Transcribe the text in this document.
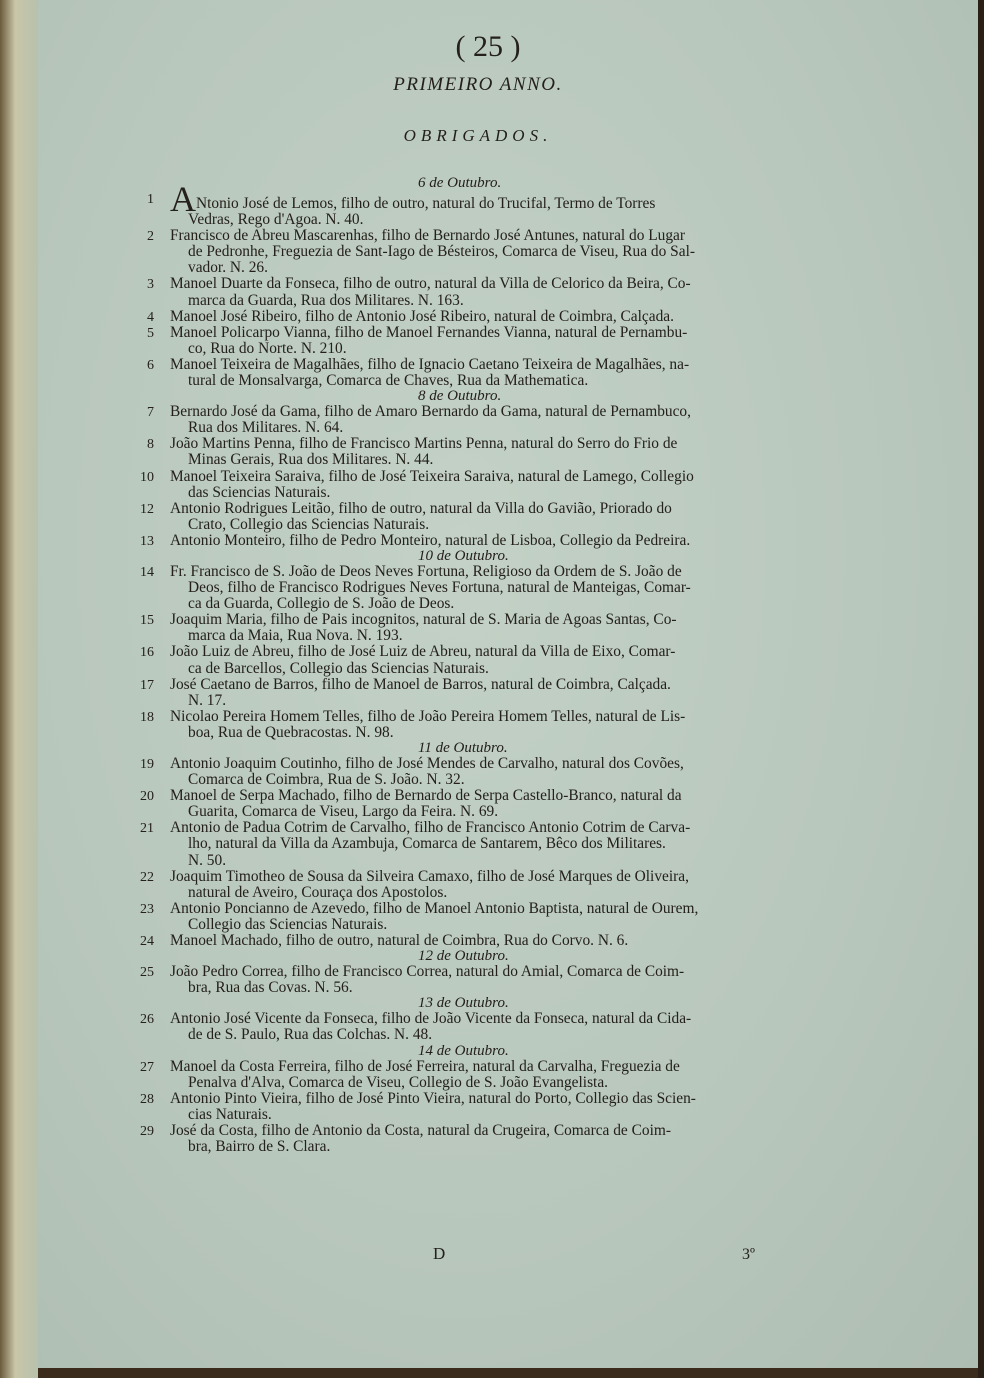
( 25 )
PRIMEIRO ANNO.
OBRIGADOS.
6 de Outubro.
1 ANtonio José de Lemos, filho de outro, natural do Trucifal, Termo de Torres
Vedras, Rego d'Agoa. N. 40.
2 Francisco de Abreu Mascarenhas, filho de Bernardo José Antunes, natural do Lugar
de Pedronhe, Freguezia de Sant-Iago de Bésteiros, Comarca de Viseu, Rua do Sal-
vador. N. 26.
3 Manoel Duarte da Fonseca, filho de outro, natural da Villa de Celorico da Beira, Co-
marca da Guarda, Rua dos Militares. N. 163.
4 Manoel José Ribeiro, filho de Antonio José Ribeiro, natural de Coimbra, Calçada.
5 Manoel Policarpo Vianna, filho de Manoel Fernandes Vianna, natural de Pernambu-
co, Rua do Norte. N. 210.
6 Manoel Teixeira de Magalhães, filho de Ignacio Caetano Teixeira de Magalhães, na-
tural de Monsalvarga, Comarca de Chaves, Rua da Mathematica.
8 de Outubro.
7 Bernardo José da Gama, filho de Amaro Bernardo da Gama, natural de Pernambuco,
Rua dos Militares. N. 64.
8 João Martins Penna, filho de Francisco Martins Penna, natural do Serro do Frio de
Minas Gerais, Rua dos Militares. N. 44.
10 Manoel Teixeira Saraiva, filho de José Teixeira Saraiva, natural de Lamego, Collegio
das Sciencias Naturais.
12 Antonio Rodrigues Leitão, filho de outro, natural da Villa do Gavião, Priorado do
Crato, Collegio das Sciencias Naturais.
13 Antonio Monteiro, filho de Pedro Monteiro, natural de Lisboa, Collegio da Pedreira.
10 de Outubro.
14 Fr. Francisco de S. João de Deos Neves Fortuna, Religioso da Ordem de S. João de
Deos, filho de Francisco Rodrigues Neves Fortuna, natural de Manteigas, Comar-
ca da Guarda, Collegio de S. João de Deos.
15 Joaquim Maria, filho de Pais incognitos, natural de S. Maria de Agoas Santas, Co-
marca da Maia, Rua Nova. N. 193.
16 João Luiz de Abreu, filho de José Luiz de Abreu, natural da Villa de Eixo, Comar-
ca de Barcellos, Collegio das Sciencias Naturais.
17 José Caetano de Barros, filho de Manoel de Barros, natural de Coimbra, Calçada.
N. 17.
18 Nicolao Pereira Homem Telles, filho de João Pereira Homem Telles, natural de Lis-
boa, Rua de Quebracostas. N. 98.
11 de Outubro.
19 Antonio Joaquim Coutinho, filho de José Mendes de Carvalho, natural dos Covões,
Comarca de Coimbra, Rua de S. João. N. 32.
20 Manoel de Serpa Machado, filho de Bernardo de Serpa Castello-Branco, natural da
Guarita, Comarca de Viseu, Largo da Feira. N. 69.
21 Antonio de Padua Cotrim de Carvalho, filho de Francisco Antonio Cotrim de Carva-
lho, natural da Villa da Azambuja, Comarca de Santarem, Bêco dos Militares.
N. 50.
22 Joaquim Timotheo de Sousa da Silveira Camaxo, filho de José Marques de Oliveira,
natural de Aveiro, Couraça dos Apostolos.
23 Antonio Poncianno de Azevedo, filho de Manoel Antonio Baptista, natural de Ourem,
Collegio das Sciencias Naturais.
24 Manoel Machado, filho de outro, natural de Coimbra, Rua do Corvo. N. 6.
12 de Outubro.
25 João Pedro Correa, filho de Francisco Correa, natural do Amial, Comarca de Coim-
bra, Rua das Covas. N. 56.
13 de Outubro.
26 Antonio José Vicente da Fonseca, filho de João Vicente da Fonseca, natural da Cida-
de de S. Paulo, Rua das Colchas. N. 48.
14 de Outubro.
27 Manoel da Costa Ferreira, filho de José Ferreira, natural da Carvalha, Freguezia de
Penalva d'Alva, Comarca de Viseu, Collegio de S. João Evangelista.
28 Antonio Pinto Vieira, filho de José Pinto Vieira, natural do Porto, Collegio das Scien-
cias Naturais.
29 José da Costa, filho de Antonio da Costa, natural da Crugeira, Comarca de Coim-
bra, Bairro de S. Clara.
D	3º
